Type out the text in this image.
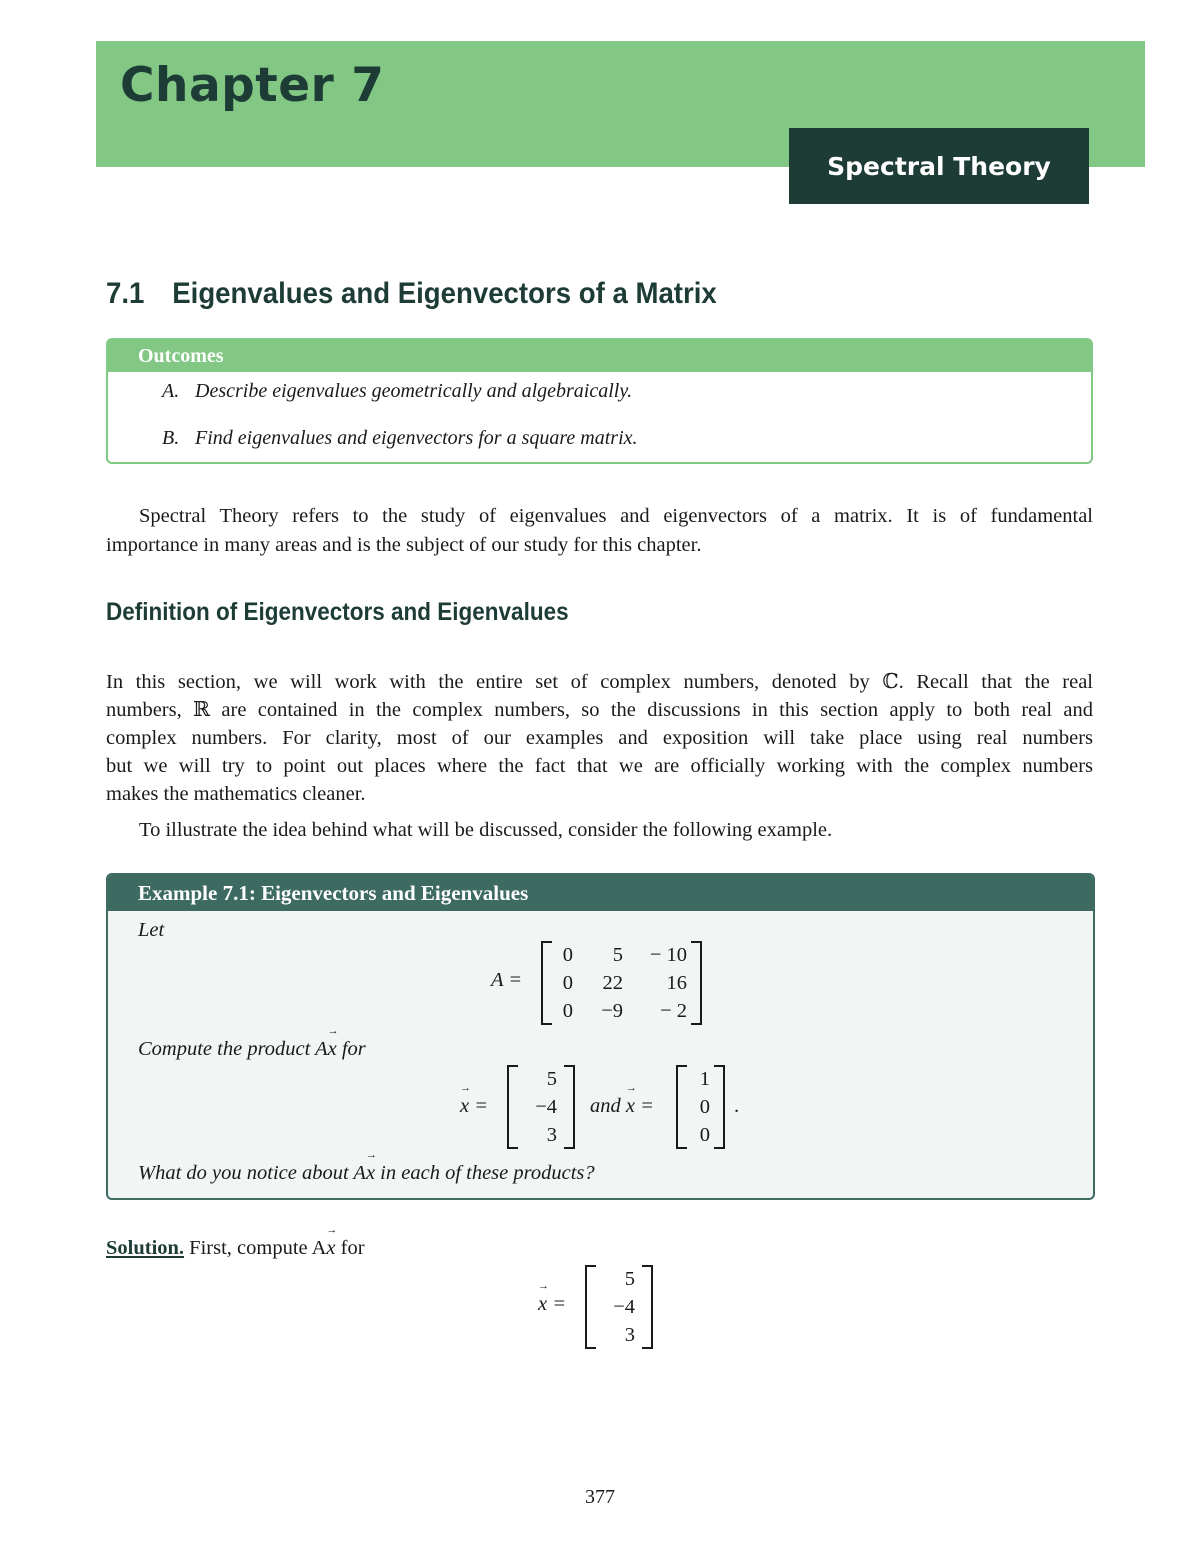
Chapter 7
Spectral Theory
7.1 Eigenvalues and Eigenvectors of a Matrix
Outcomes
A. Describe eigenvalues geometrically and algebraically.
B. Find eigenvalues and eigenvectors for a square matrix.
Spectral Theory refers to the study of eigenvalues and eigenvectors of a matrix. It is of fundamental
importance in many areas and is the subject of our study for this chapter.
Definition of Eigenvectors and Eigenvalues
In this section, we will work with the entire set of complex numbers, denoted by ℂ. Recall that the real
numbers, ℝ are contained in the complex numbers, so the discussions in this section apply to both real and
complex numbers. For clarity, most of our examples and exposition will take place using real numbers
but we will try to point out places where the fact that we are officially working with the complex numbers
makes the mathematics cleaner.
To illustrate the idea behind what will be discussed, consider the following example.
Example 7.1: Eigenvectors and Eigenvalues
Let
A =
0	5	− 10
0	22	16
0	−9	− 2
Compute the product A→ x for
→ x =
5
−4
3
and → x =
1
0
0
.
What do you notice about A→ x in each of these products?
Solution. First, compute A→ x for
→ x =
5
−4
3
377
